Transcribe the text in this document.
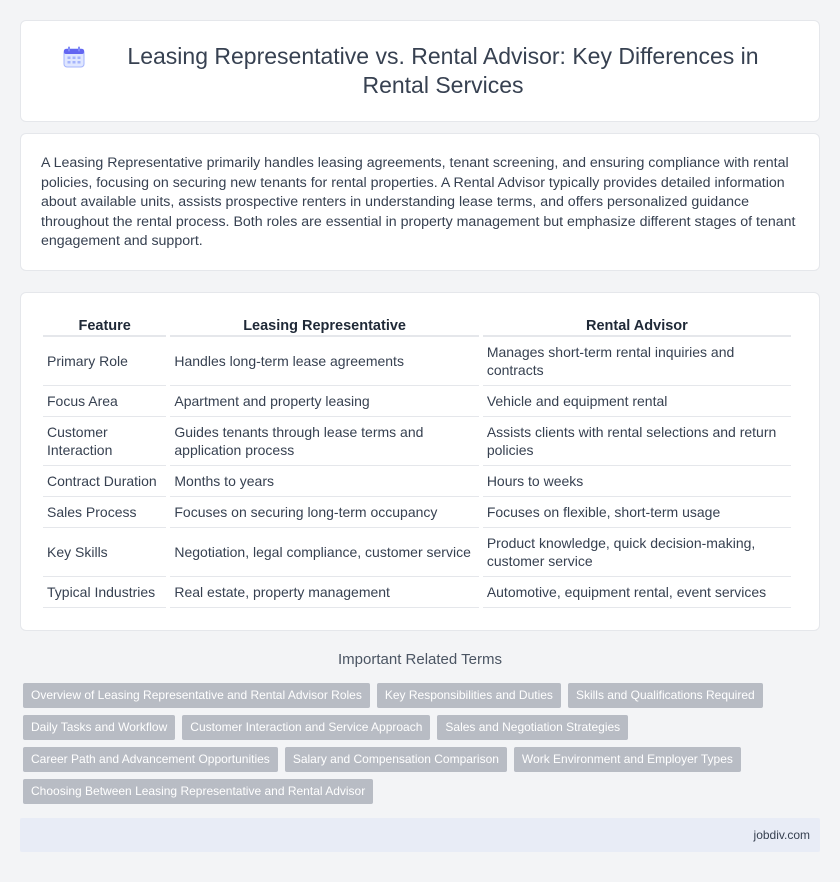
Leasing Representative vs. Rental Advisor: Key Differences in Rental Services

A Leasing Representative primarily handles leasing agreements, tenant screening, and ensuring compliance with rental policies, focusing on securing new tenants for rental properties. A Rental Advisor typically provides detailed information about available units, assists prospective renters in understanding lease terms, and offers personalized guidance throughout the rental process. Both roles are essential in property management but emphasize different stages of tenant engagement and support.

Feature	Leasing Representative	Rental Advisor
Primary Role	Handles long-term lease agreements	Manages short-term rental inquiries and contracts
Focus Area	Apartment and property leasing	Vehicle and equipment rental
Customer Interaction	Guides tenants through lease terms and application process	Assists clients with rental selections and return policies
Contract Duration	Months to years	Hours to weeks
Sales Process	Focuses on securing long-term occupancy	Focuses on flexible, short-term usage
Key Skills	Negotiation, legal compliance, customer service	Product knowledge, quick decision-making, customer service
Typical Industries	Real estate, property management	Automotive, equipment rental, event services
Important Related Terms
Overview of Leasing Representative and Rental Advisor Roles	Key Responsibilities and Duties	Skills and Qualifications Required
Daily Tasks and Workflow	Customer Interaction and Service Approach	Sales and Negotiation Strategies
Career Path and Advancement Opportunities	Salary and Compensation Comparison	Work Environment and Employer Types
Choosing Between Leasing Representative and Rental Advisor
jobdiv.com
